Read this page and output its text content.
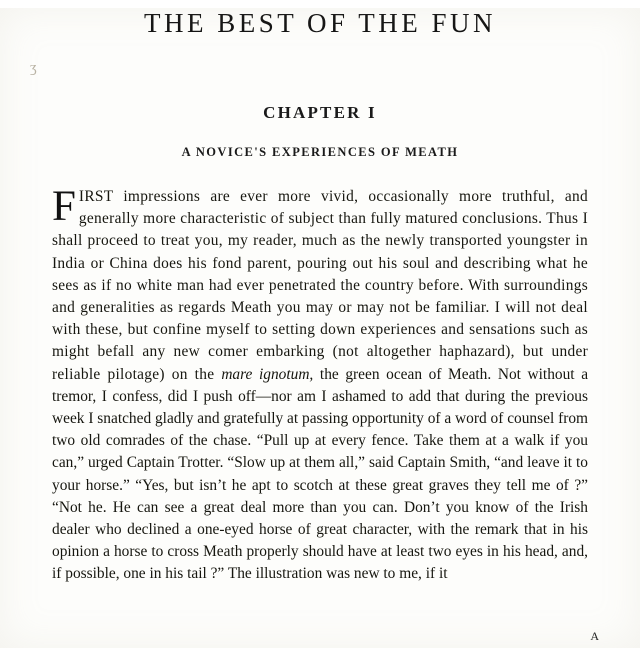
THE BEST OF THE FUN
ʒ
CHAPTER I
A NOVICE'S EXPERIENCES OF MEATH

FIRST impressions are ever more vivid, occasionally more truthful, and generally more characteristic of subject than fully matured conclusions. Thus I shall proceed to treat you, my reader, much as the newly transported youngster in India or China does his fond parent, pouring out his soul and describing what he sees as if no white man had ever penetrated the country before. With surroundings and generalities as regards Meath you may or may not be familiar. I will not deal with these, but confine myself to setting down experiences and sensations such as might befall any new comer embarking (not altogether haphazard), but under reliable pilotage) on the mare ignotum, the green ocean of Meath. Not without a tremor, I confess, did I push off—nor am I ashamed to add that during the previous week I snatched gladly and gratefully at passing opportunity of a word of counsel from two old comrades of the chase. “Pull up at every fence. Take them at a walk if you can,” urged Captain Trotter. “Slow up at them all,” said Captain Smith, “and leave it to your horse.” “Yes, but isn’t he apt to scotch at these great graves they tell me of ?” “Not he. He can see a great deal more than you can. Don’t you know of the Irish dealer who declined a one-eyed horse of great character, with the remark that in his opinion a horse to cross Meath properly should have at least two eyes in his head, and, if possible, one in his tail ?” The illustration was new to me, if it

A
